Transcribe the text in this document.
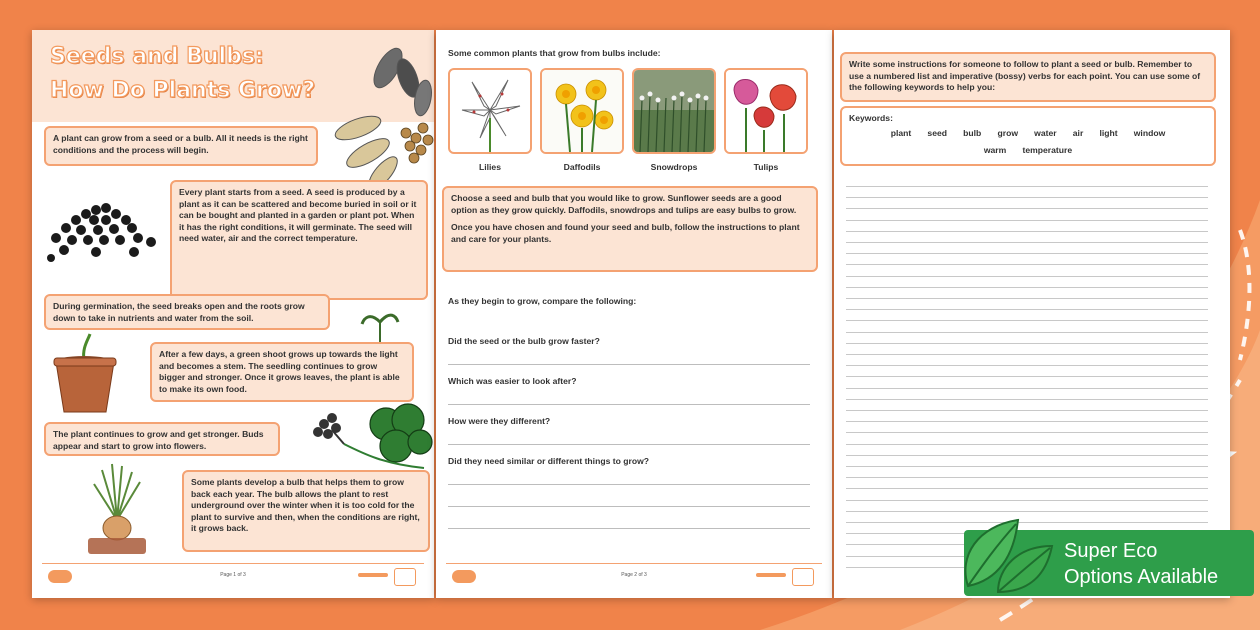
Seeds and Bulbs:
How Do Plants Grow?
A plant can grow from a seed or a bulb. All it needs is the right conditions and the process will begin.
Every plant starts from a seed. A seed is produced by a plant as it can be scattered and become buried in soil or it can be bought and planted in a garden or plant pot. When it has the right conditions, it will germinate. The seed will need water, air and the correct temperature.
During germination, the seed breaks open and the roots grow down to take in nutrients and water from the soil.
After a few days, a green shoot grows up towards the light and becomes a stem. The seedling continues to grow bigger and stronger. Once it grows leaves, the plant is able to make its own food.
The plant continues to grow and get stronger. Buds appear and start to grow into flowers.
Some plants develop a bulb that helps them to grow back each year. The bulb allows the plant to rest underground over the winter when it is too cold for the plant to survive and then, when the conditions are right, it grows back.
Page 1 of 3
Some common plants that grow from bulbs include:
Lilies	Daffodils	Snowdrops	Tulips
Choose a seed and bulb that you would like to grow. Sunflower seeds are a good option as they grow quickly. Daffodils, snowdrops and tulips are easy bulbs to grow.
Once you have chosen and found your seed and bulb, follow the instructions to plant and care for your plants.
As they begin to grow, compare the following:
Did the seed or the bulb grow faster?
Which was easier to look after?
How were they different?
Did they need similar or different things to grow?
Page 2 of 3
Write some instructions for someone to follow to plant a seed or bulb. Remember to use a numbered list and imperative (bossy) verbs for each point. You can use some of the following keywords to help you:
Keywords:
plant   seed   bulb   grow   water   air   light   window
warm   temperature
Super Eco
Options Available
